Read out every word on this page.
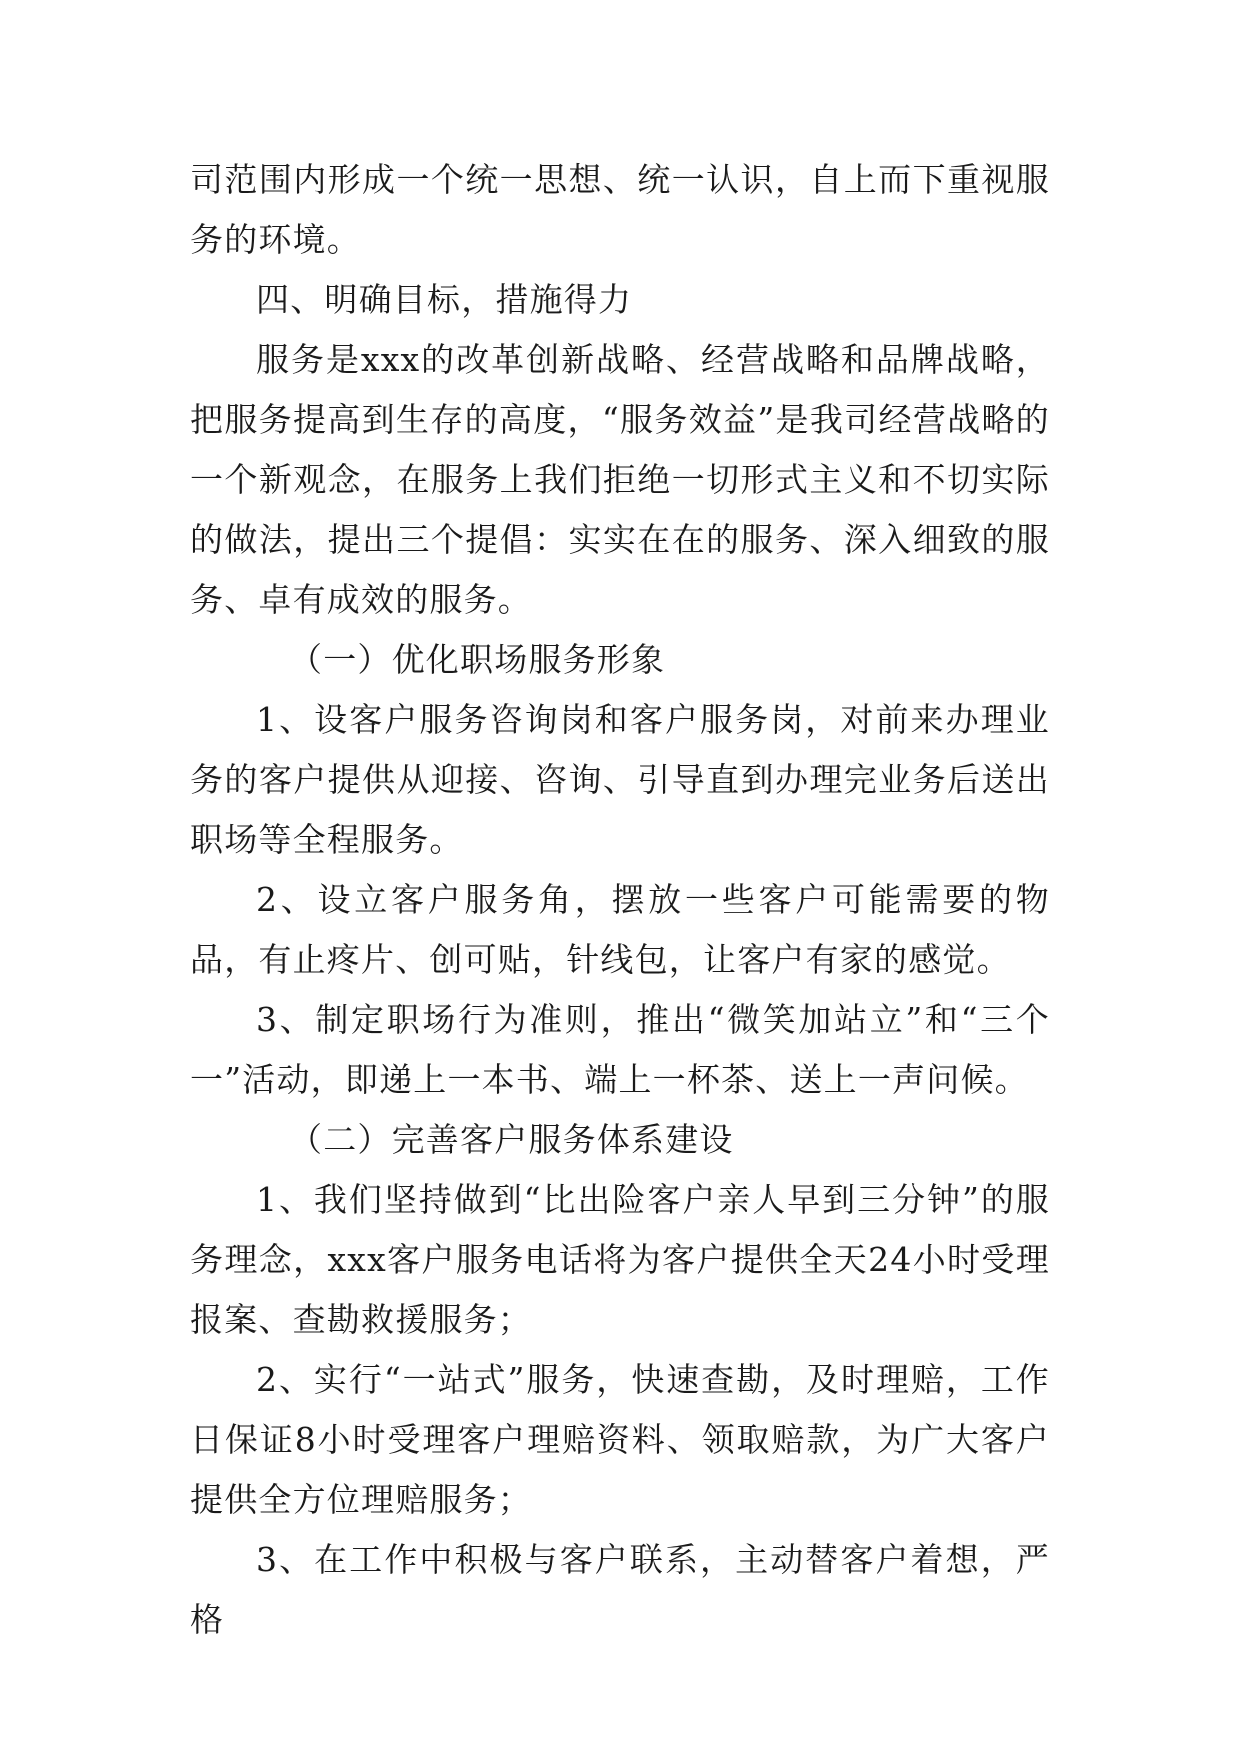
司范围内形成一个统一思想、统一认识，自上而下重视服务的环境。

四、明确目标，措施得力

服务是xxx的改革创新战略、经营战略和品牌战略，把服务提高到生存的高度，“服务效益”是我司经营战略的一个新观念，在服务上我们拒绝一切形式主义和不切实际的做法，提出三个提倡：实实在在的服务、深入细致的服务、卓有成效的服务。

（一）优化职场服务形象

1、设客户服务咨询岗和客户服务岗，对前来办理业务的客户提供从迎接、咨询、引导直到办理完业务后送出职场等全程服务。

2、设立客户服务角，摆放一些客户可能需要的物品，有止疼片、创可贴，针线包，让客户有家的感觉。

3、制定职场行为准则，推出“微笑加站立”和“三个一”活动，即递上一本书、端上一杯茶、送上一声问候。

（二）完善客户服务体系建设

1、我们坚持做到“比出险客户亲人早到三分钟”的服务理念，xxx客户服务电话将为客户提供全天24小时受理报案、查勘救援服务；

2、实行“一站式”服务，快速查勘，及时理赔，工作日保证8小时受理客户理赔资料、领取赔款，为广大客户提供全方位理赔服务；

3、在工作中积极与客户联系，主动替客户着想，严格
